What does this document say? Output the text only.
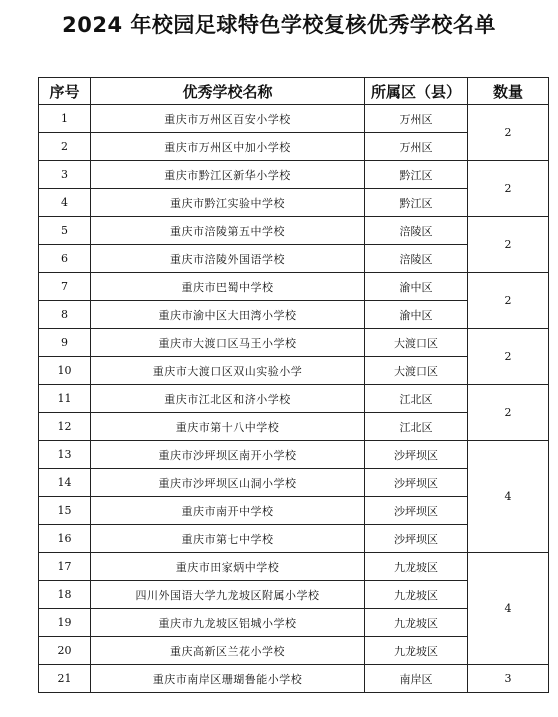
2024 年校园足球特色学校复核优秀学校名单
序号	优秀学校名称	所属区（县）	数量
1	重庆市万州区百安小学校	万州区	2
2	重庆市万州区中加小学校	万州区	
3	重庆市黔江区新华小学校	黔江区	2
4	重庆市黔江实验中学校	黔江区	
5	重庆市涪陵第五中学校	涪陵区	2
6	重庆市涪陵外国语学校	涪陵区	
7	重庆市巴蜀中学校	渝中区	2
8	重庆市渝中区大田湾小学校	渝中区	
9	重庆市大渡口区马王小学校	大渡口区	2
10	重庆市大渡口区双山实验小学	大渡口区	
11	重庆市江北区和济小学校	江北区	2
12	重庆市第十八中学校	江北区	
13	重庆市沙坪坝区南开小学校	沙坪坝区	4
14	重庆市沙坪坝区山洞小学校	沙坪坝区	
15	重庆市南开中学校	沙坪坝区	
16	重庆市第七中学校	沙坪坝区	
17	重庆市田家炳中学校	九龙坡区	4
18	四川外国语大学九龙坡区附属小学校	九龙坡区	
19	重庆市九龙坡区铝城小学校	九龙坡区	
20	重庆高新区兰花小学校	九龙坡区	
21	重庆市南岸区珊瑚鲁能小学校	南岸区	3
